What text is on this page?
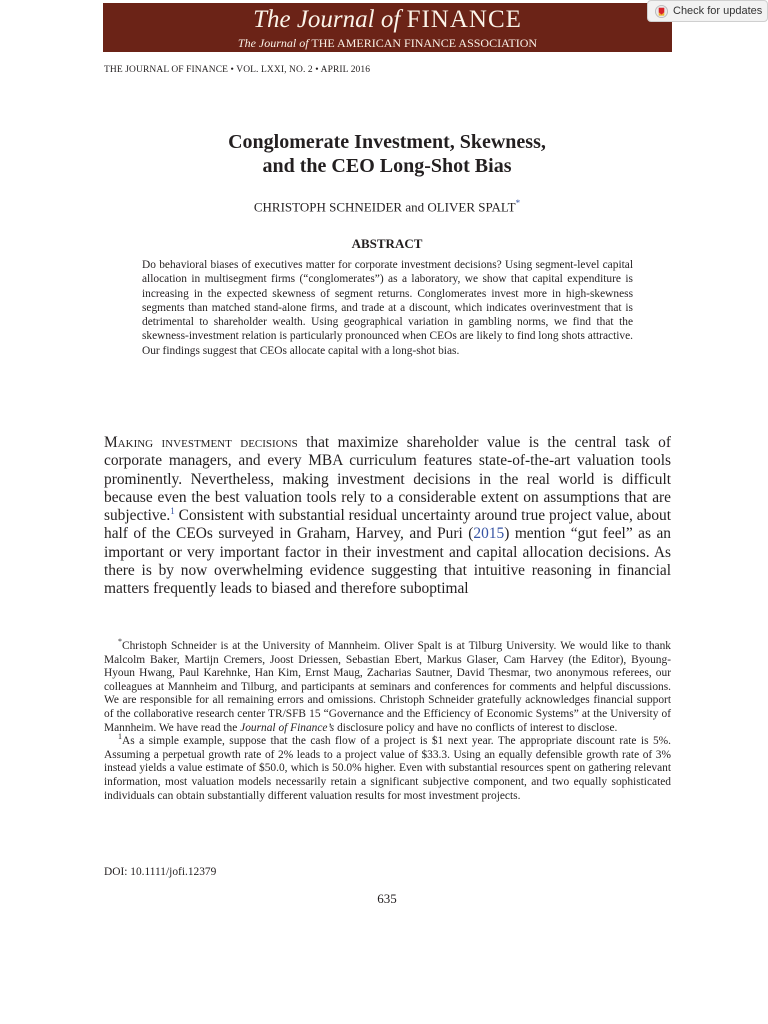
The Journal of FINANCE
The Journal of THE AMERICAN FINANCE ASSOCIATION
Check for updates
THE JOURNAL OF FINANCE • VOL. LXXI, NO. 2 • APRIL 2016
Conglomerate Investment, Skewness,
and the CEO Long-Shot Bias
CHRISTOPH SCHNEIDER and OLIVER SPALT*
ABSTRACT

Do behavioral biases of executives matter for corporate investment decisions? Using segment-level capital allocation in multisegment firms (“conglomerates”) as a laboratory, we show that capital expenditure is increasing in the expected skewness of segment returns. Conglomerates invest more in high-skewness segments than matched stand-alone firms, and trade at a discount, which indicates overinvestment that is detrimental to shareholder wealth. Using geographical variation in gambling norms, we find that the skewness-investment relation is particularly pronounced when CEOs are likely to find long shots attractive. Our findings suggest that CEOs allocate capital with a long-shot bias.

Making investment decisions that maximize shareholder value is the central task of corporate managers, and every MBA curriculum features state-of-the-art valuation tools prominently. Nevertheless, making investment decisions in the real world is difficult because even the best valuation tools rely to a considerable extent on assumptions that are subjective.$^1$ Consistent with substantial residual uncertainty around true project value, about half of the CEOs surveyed in Graham, Harvey, and Puri (2015) mention “gut feel” as an important or very important factor in their investment and capital allocation decisions. As there is by now overwhelming evidence suggesting that intuitive reasoning in financial matters frequently leads to biased and therefore suboptimal

*Christoph Schneider is at the University of Mannheim. Oliver Spalt is at Tilburg University. We would like to thank Malcolm Baker, Martijn Cremers, Joost Driessen, Sebastian Ebert, Markus Glaser, Cam Harvey (the Editor), Byoung-Hyoun Hwang, Paul Karehnke, Han Kim, Ernst Maug, Zacharias Sautner, David Thesmar, two anonymous referees, our colleagues at Mannheim and Tilburg, and participants at seminars and conferences for comments and helpful discussions. We are responsible for all remaining errors and omissions. Christoph Schneider gratefully acknowledges financial support of the collaborative research center TR/SFB 15 “Governance and the Efficiency of Economic Systems” at the University of Mannheim. We have read the Journal of Finance’s disclosure policy and have no conflicts of interest to disclose.

$^1$As a simple example, suppose that the cash flow of a project is $1 next year. The appropriate discount rate is 5%. Assuming a perpetual growth rate of 2% leads to a project value of $33.3. Using an equally defensible growth rate of 3% instead yields a value estimate of $50.0, which is 50.0% higher. Even with substantial resources spent on gathering relevant information, most valuation models necessarily retain a significant subjective component, and two equally sophisticated individuals can obtain substantially different valuation results for most investment projects.

DOI: 10.1111/jofi.12379
635
